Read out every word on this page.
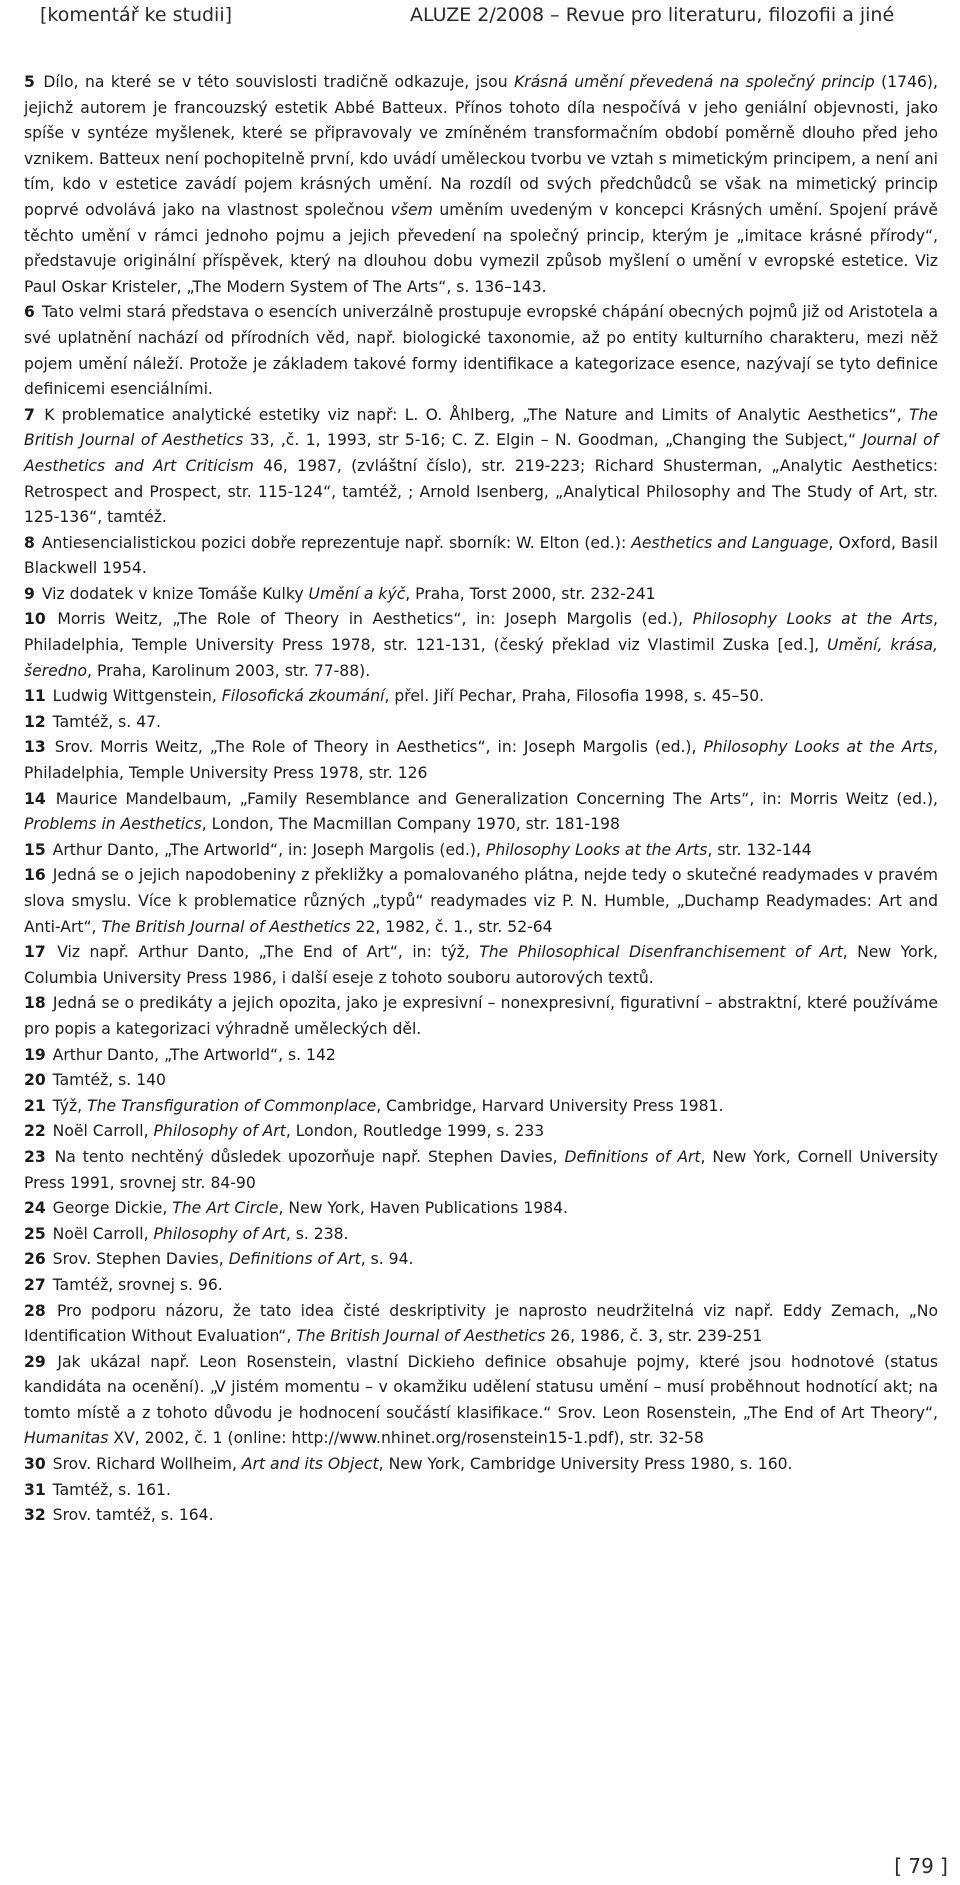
[komentář ke studii]	ALUZE 2/2008 – Revue pro literaturu, filozofii a jiné

5 Dílo, na které se v této souvislosti tradičně odkazuje, jsou Krásná umění převedená na společný princip (1746), jejichž autorem je francouzský estetik Abbé Batteux. Přínos tohoto díla nespočívá v jeho geniální objevnosti, jako spíše v syntéze myšlenek, které se připravovaly ve zmíněném transformačním období poměrně dlouho před jeho vznikem. Batteux není pochopitelně první, kdo uvádí uměleckou tvorbu ve vztah s mimetickým principem, a není ani tím, kdo v estetice zavádí pojem krásných umění. Na rozdíl od svých předchůdců se však na mimetický princip poprvé odvolává jako na vlastnost společnou všem uměním uvedeným v koncepci Krásných umění. Spojení právě těchto umění v rámci jednoho pojmu a jejich převedení na společný princip, kterým je „imitace krásné přírody“, představuje originální příspěvek, který na dlouhou dobu vymezil způsob myšlení o umění v evropské estetice. Viz Paul Oskar Kristeler, „The Modern System of The Arts“, s. 136–143.

6 Tato velmi stará představa o esencích univerzálně prostupuje evropské chápání obecných pojmů již od Aristotela a své uplatnění nachází od přírodních věd, např. biologické taxonomie, až po entity kulturního charakteru, mezi něž pojem umění náleží. Protože je základem takové formy identifikace a kategorizace esence, nazývají se tyto definice definicemi esenciálními.

7 K problematice analytické estetiky viz např: L. O. Åhlberg, „The Nature and Limits of Analytic Aesthetics“, The British Journal of Aesthetics 33, ,č. 1, 1993, str 5-16; C. Z. Elgin – N. Goodman, „Changing the Subject,“ Journal of Aesthetics and Art Criticism 46, 1987, (zvláštní číslo), str. 219-223; Richard Shusterman, „Analytic Aesthetics: Retrospect and Prospect, str. 115-124“, tamtéž, ; Arnold Isenberg, „Analytical Philosophy and The Study of Art, str. 125-136“, tamtéž.

8 Antiesencialistickou pozici dobře reprezentuje např. sborník: W. Elton (ed.): Aesthetics and Language, Oxford, Basil Blackwell 1954.

9 Viz dodatek v knize Tomáše Kulky Umění a kýč, Praha, Torst 2000, str. 232-241

10 Morris Weitz, „The Role of Theory in Aesthetics“, in: Joseph Margolis (ed.), Philosophy Looks at the Arts, Philadelphia, Temple University Press 1978, str. 121-131, (český překlad viz Vlastimil Zuska [ed.], Umění, krása, šeredno, Praha, Karolinum 2003, str. 77-88).

11 Ludwig Wittgenstein, Filosofická zkoumání, přel. Jiří Pechar, Praha, Filosofia 1998, s. 45–50.

12 Tamtéž, s. 47.

13 Srov. Morris Weitz, „The Role of Theory in Aesthetics“, in: Joseph Margolis (ed.), Philosophy Looks at the Arts, Philadelphia, Temple University Press 1978, str. 126

14 Maurice Mandelbaum, „Family Resemblance and Generalization Concerning The Arts“, in: Morris Weitz (ed.), Problems in Aesthetics, London, The Macmillan Company 1970, str. 181-198

15 Arthur Danto, „The Artworld“, in: Joseph Margolis (ed.), Philosophy Looks at the Arts, str. 132-144

16 Jedná se o jejich napodobeniny z překližky a pomalovaného plátna, nejde tedy o skutečné readymades v pravém slova smyslu. Více k problematice různých „typů“ readymades viz P. N. Humble, „Duchamp Readymades: Art and Anti-Art“, The British Journal of Aesthetics 22, 1982, č. 1., str. 52-64

17 Viz např. Arthur Danto, „The End of Art“, in: týž, The Philosophical Disenfranchisement of Art, New York, Columbia University Press 1986, i další eseje z tohoto souboru autorových textů.

18 Jedná se o predikáty a jejich opozita, jako je expresivní – nonexpresivní, figurativní – abstraktní, které používáme pro popis a kategorizaci výhradně uměleckých děl.

19 Arthur Danto, „The Artworld“, s. 142

20 Tamtéž, s. 140

21 Týž, The Transfiguration of Commonplace, Cambridge, Harvard University Press 1981.

22 Noël Carroll, Philosophy of Art, London, Routledge 1999, s. 233

23 Na tento nechtěný důsledek upozorňuje např. Stephen Davies, Definitions of Art, New York, Cornell University Press 1991, srovnej str. 84-90

24 George Dickie, The Art Circle, New York, Haven Publications 1984.

25 Noël Carroll, Philosophy of Art, s. 238.

26 Srov. Stephen Davies, Definitions of Art, s. 94.

27 Tamtéž, srovnej s. 96.

28 Pro podporu názoru, že tato idea čisté deskriptivity je naprosto neudržitelná viz např. Eddy Zemach, „No Identification Without Evaluation“, The British Journal of Aesthetics 26, 1986, č. 3, str. 239-251

29 Jak ukázal např. Leon Rosenstein, vlastní Dickieho definice obsahuje pojmy, které jsou hodnotové (status kandidáta na ocenění). „V jistém momentu – v okamžiku udělení statusu umění – musí proběhnout hodnotící akt; na tomto místě a z tohoto důvodu je hodnocení součástí klasifikace.“ Srov. Leon Rosenstein, „The End of Art Theory“, Humanitas XV, 2002, č. 1 (online: http://www.nhinet.org/rosenstein15-1.pdf), str. 32-58

30 Srov. Richard Wollheim, Art and its Object, New York, Cambridge University Press 1980, s. 160.

31 Tamtéž, s. 161.

32 Srov. tamtéž, s. 164.

[ 79 ]
